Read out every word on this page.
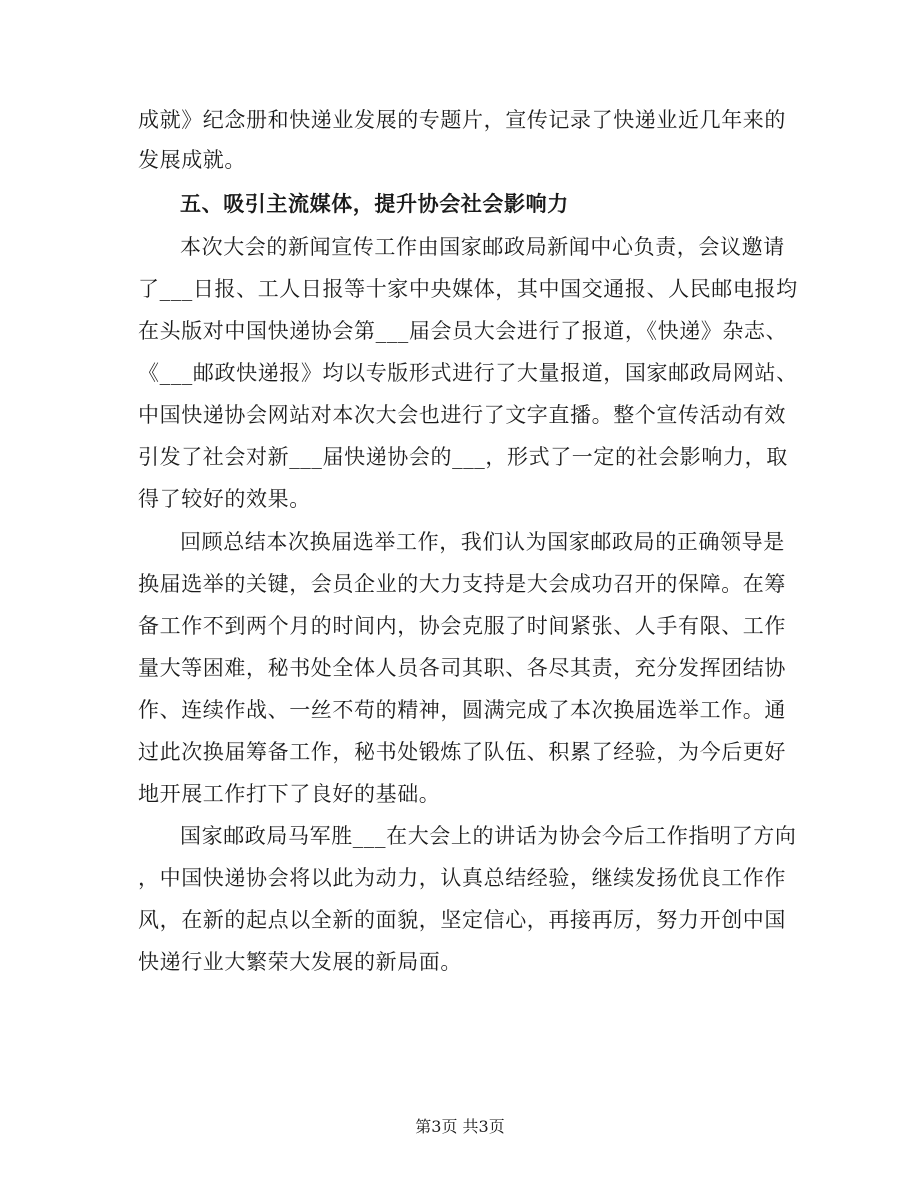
成就》纪念册和快递业发展的专题片，宣传记录了快递业近几年来的
发展成就。
五、吸引主流媒体，提升协会社会影响力
本次大会的新闻宣传工作由国家邮政局新闻中心负责，会议邀请
了___日报、工人日报等十家中央媒体，其中国交通报、人民邮电报均
在头版对中国快递协会第___届会员大会进行了报道，《快递》杂志、
《___邮政快递报》均以专版形式进行了大量报道，国家邮政局网站、
中国快递协会网站对本次大会也进行了文字直播。整个宣传活动有效
引发了社会对新___届快递协会的___，形式了一定的社会影响力，取
得了较好的效果。
回顾总结本次换届选举工作，我们认为国家邮政局的正确领导是
换届选举的关键，会员企业的大力支持是大会成功召开的保障。在筹
备工作不到两个月的时间内，协会克服了时间紧张、人手有限、工作
量大等困难，秘书处全体人员各司其职、各尽其责，充分发挥团结协
作、连续作战、一丝不苟的精神，圆满完成了本次换届选举工作。通
过此次换届筹备工作，秘书处锻炼了队伍、积累了经验，为今后更好
地开展工作打下了良好的基础。
国家邮政局马军胜___在大会上的讲话为协会今后工作指明了方向
，中国快递协会将以此为动力，认真总结经验，继续发扬优良工作作
风，在新的起点以全新的面貌，坚定信心，再接再厉，努力开创中国
快递行业大繁荣大发展的新局面。
第3页 共3页
